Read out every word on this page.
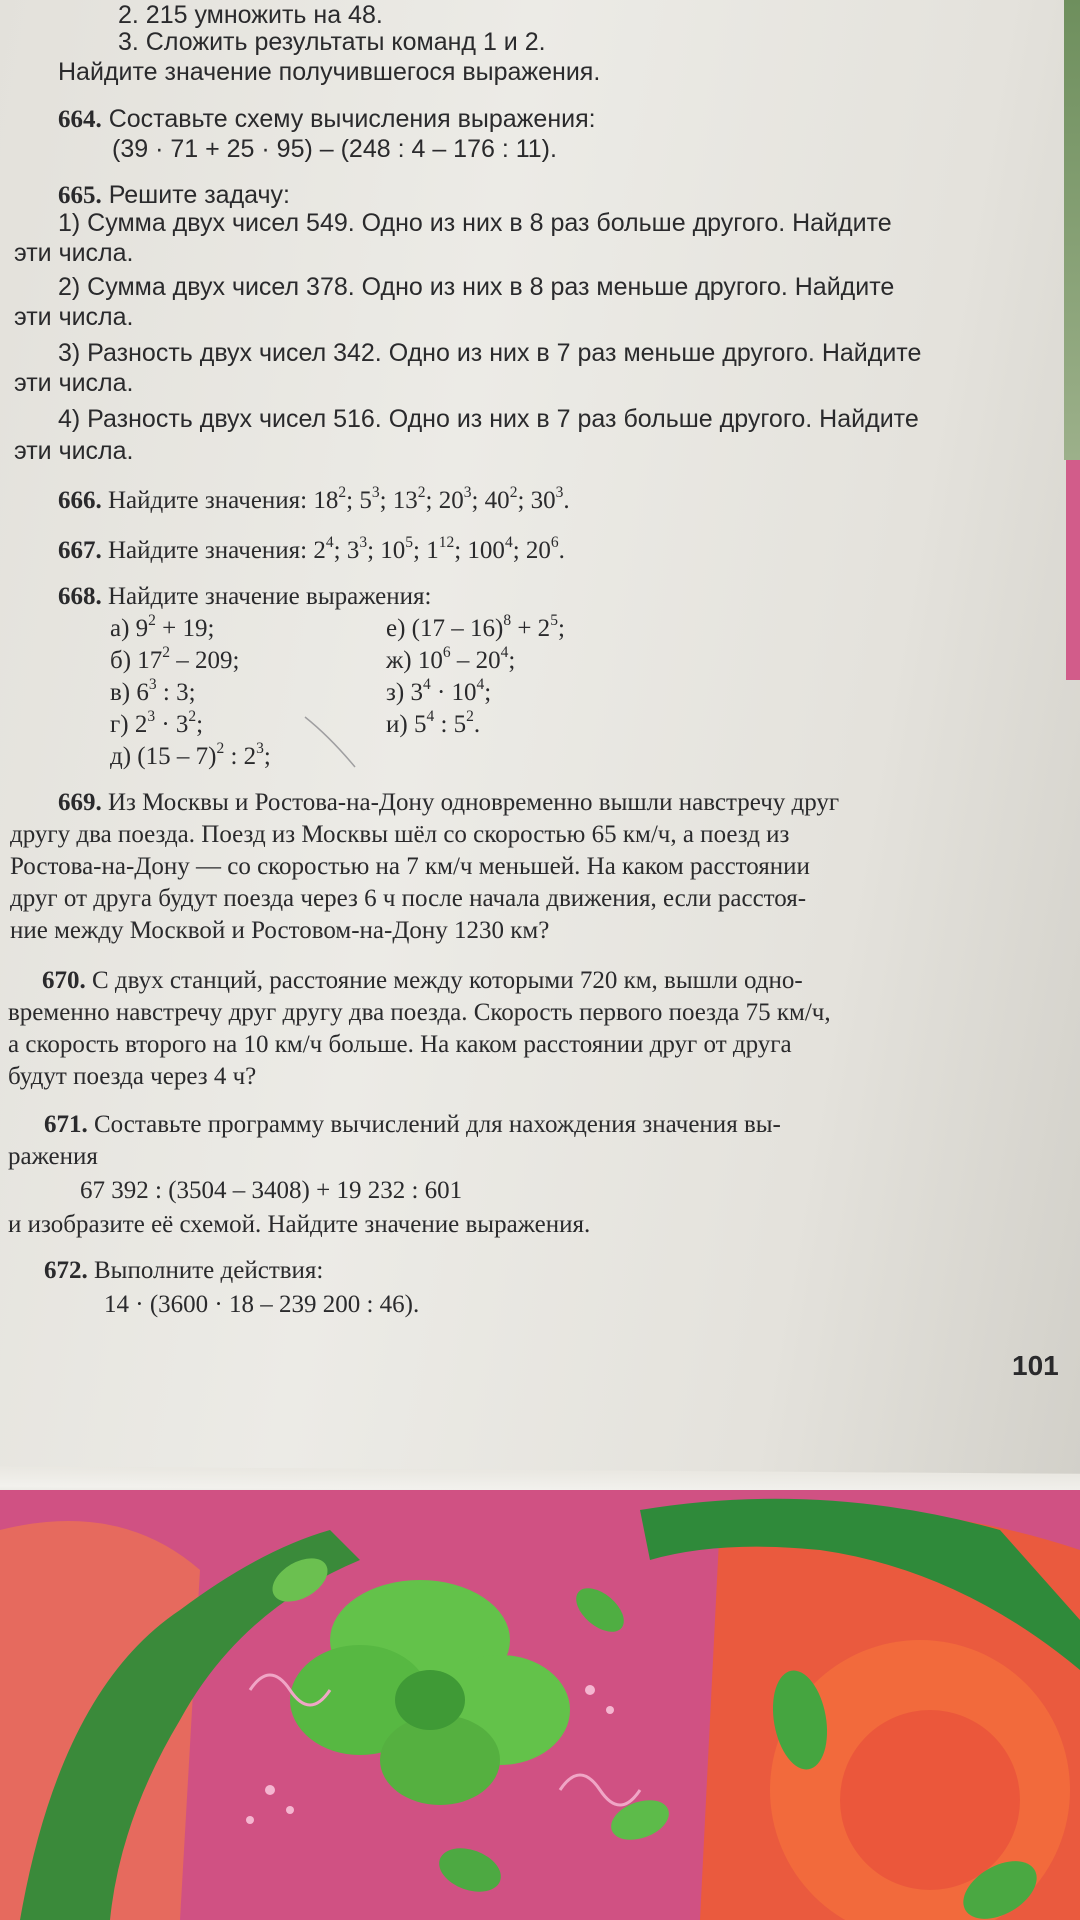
2. 215 умножить на 48.
3. Сложить результаты команд 1 и 2.
Найдите значение получившегося выражения.
664. Составьте схему вычисления выражения:
(39 · 71 + 25 · 95) – (248 : 4 – 176 : 11).
665. Решите задачу:
1) Сумма двух чисел 549. Одно из них в 8 раз больше другого. Найдите
эти числа.
2) Сумма двух чисел 378. Одно из них в 8 раз меньше другого. Найдите
эти числа.
3) Разность двух чисел 342. Одно из них в 7 раз меньше другого. Найдите
эти числа.
4) Разность двух чисел 516. Одно из них в 7 раз больше другого. Найдите
эти числа.
666. Найдите значения: $18^2$; $5^3$; $13^2$; $20^3$; $40^2$; $30^3$.
667. Найдите значения: $2^4$; $3^3$; $10^5$; $1^{12}$; $100^4$; $20^6$.
668. Найдите значение выражения:
а) $9^2 + 19$;
б) $17^2 - 209$;
в) $6^3$ : 3;
г) $2^3 \cdot 3^2$;
д) (15 – 7)$^2$ : $2^3$;
е) $(17 - 16)^8 + 2^5$;
ж) $10^6 - 20^4$;
з) $3^4 \cdot 10^4$;
и) $5^4$ : $5^2$.
669. Из Москвы и Ростова-на-Дону одновременно вышли навстречу друг
другу два поезда. Поезд из Москвы шёл со скоростью 65 км/ч, а поезд из
Ростова-на-Дону — со скоростью на 7 км/ч меньшей. На каком расстоянии
друг от друга будут поезда через 6 ч после начала движения, если расстоя-
ние между Москвой и Ростовом-на-Дону 1230 км?
670. С двух станций, расстояние между которыми 720 км, вышли одно-
временно навстречу друг другу два поезда. Скорость первого поезда 75 км/ч,
а скорость второго на 10 км/ч больше. На каком расстоянии друг от друга
будут поезда через 4 ч?
671. Составьте программу вычислений для нахождения значения вы-
ражения
67 392 : (3504 – 3408) + 19 232 : 601
и изобразите её схемой. Найдите значение выражения.
672. Выполните действия:
14 · (3600 · 18 – 239 200 : 46).
101
